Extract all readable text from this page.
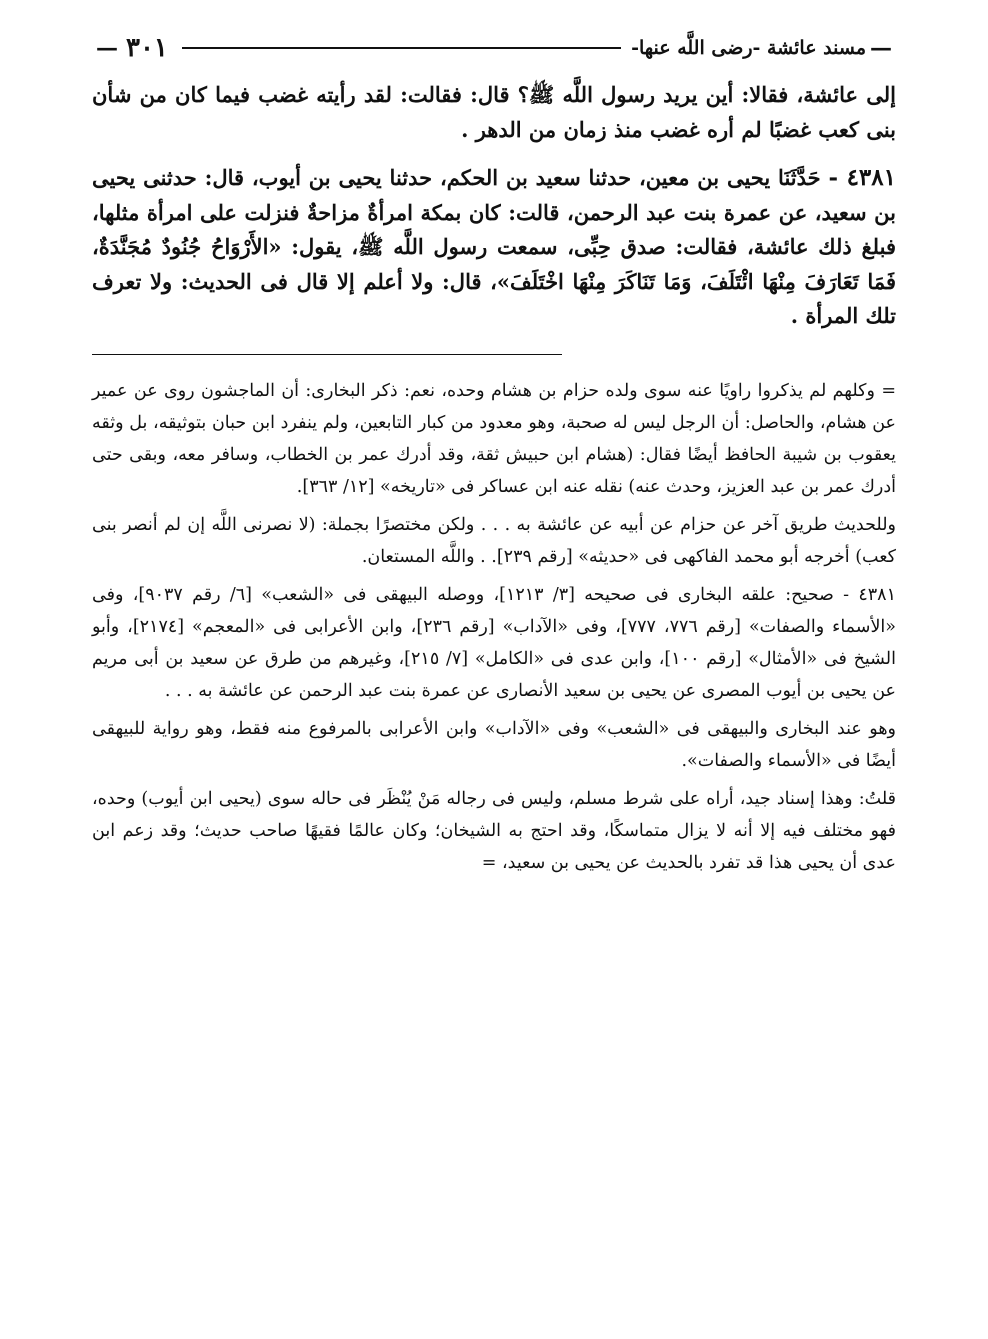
—
مسند عائشة -رضى اللَّه عنها-
٣٠١
—

إلى عائشة، فقالا: أين يريد رسول اللَّه ﷺ؟ قال: فقالت: لقد رأيته غضب فيما كان من شأن بنى كعب غضبًا لم أره غضب منذ زمان من الدهر .

٤٣٨١ - حَدَّثَنَا يحيى بن معين، حدثنا سعيد بن الحكم، حدثنا يحيى بن أيوب، قال: حدثنى يحيى بن سعيد، عن عمرة بنت عبد الرحمن، قالت: كان بمكة امرأةٌ مزاحةٌ فنزلت على امرأة مثلها، فبلغ ذلك عائشة، فقالت: صدق حِبِّى، سمعت رسول اللَّه ﷺ، يقول: «الأَرْوَاحُ جُنُودٌ مُجَنَّدَةٌ، فَمَا تَعَارَفَ مِنْهَا ائْتَلَفَ، وَمَا تَنَاكَرَ مِنْهَا اخْتَلَفَ»، قال: ولا أعلم إلا قال فى الحديث: ولا تعرف تلك المرأة .

= وكلهم لم يذكروا راويًا عنه سوى ولده حزام بن هشام وحده، نعم: ذكر البخارى: أن الماجشون روى عن عمير عن هشام، والحاصل: أن الرجل ليس له صحبة، وهو معدود من كبار التابعين، ولم ينفرد ابن حبان بتوثيقه، بل وثقه يعقوب بن شيبة الحافظ أيضًا فقال: (هشام ابن حبيش ثقة، وقد أدرك عمر بن الخطاب، وسافر معه، وبقى حتى أدرك عمر بن عبد العزيز، وحدث عنه) نقله عنه ابن عساكر فى «تاريخه» [١٢/ ٣٦٣].

وللحديث طريق آخر عن حزام عن أبيه عن عائشة به . . . ولكن مختصرًا بجملة: (لا نصرنى اللَّه إن لم أنصر بنى كعب) أخرجه أبو محمد الفاكهى فى «حديثه» [رقم ٢٣٩]. . واللَّه المستعان.

٤٣٨١ - صحيح: علقه البخارى فى صحيحه [٣/ ١٢١٣]، ووصله البيهقى فى «الشعب» [٦/ رقم ٩٠٣٧]، وفى «الأسماء والصفات» [رقم ٧٧٦، ٧٧٧]، وفى «الآداب» [رقم ٢٣٦]، وابن الأعرابى فى «المعجم» [٢١٧٤]، وأبو الشيخ فى «الأمثال» [رقم ١٠٠]، وابن عدى فى «الكامل» [٧/ ٢١٥]، وغيرهم من طرق عن سعيد بن أبى مريم عن يحيى بن أيوب المصرى عن يحيى بن سعيد الأنصارى عن عمرة بنت عبد الرحمن عن عائشة به . . .

وهو عند البخارى والبيهقى فى «الشعب» وفى «الآداب» وابن الأعرابى بالمرفوع منه فقط، وهو رواية للبيهقى أيضًا فى «الأسماء والصفات».

قلتُ: وهذا إسناد جيد، أراه على شرط مسلم، وليس فى رجاله مَنْ يُنْظَر فى حاله سوى (يحيى ابن أيوب) وحده، فهو مختلف فيه إلا أنه لا يزال متماسكًا، وقد احتج به الشيخان؛ وكان عالمًا فقيهًا صاحب حديث؛ وقد زعم ابن عدى أن يحيى هذا قد تفرد بالحديث عن يحيى بن سعيد، =
